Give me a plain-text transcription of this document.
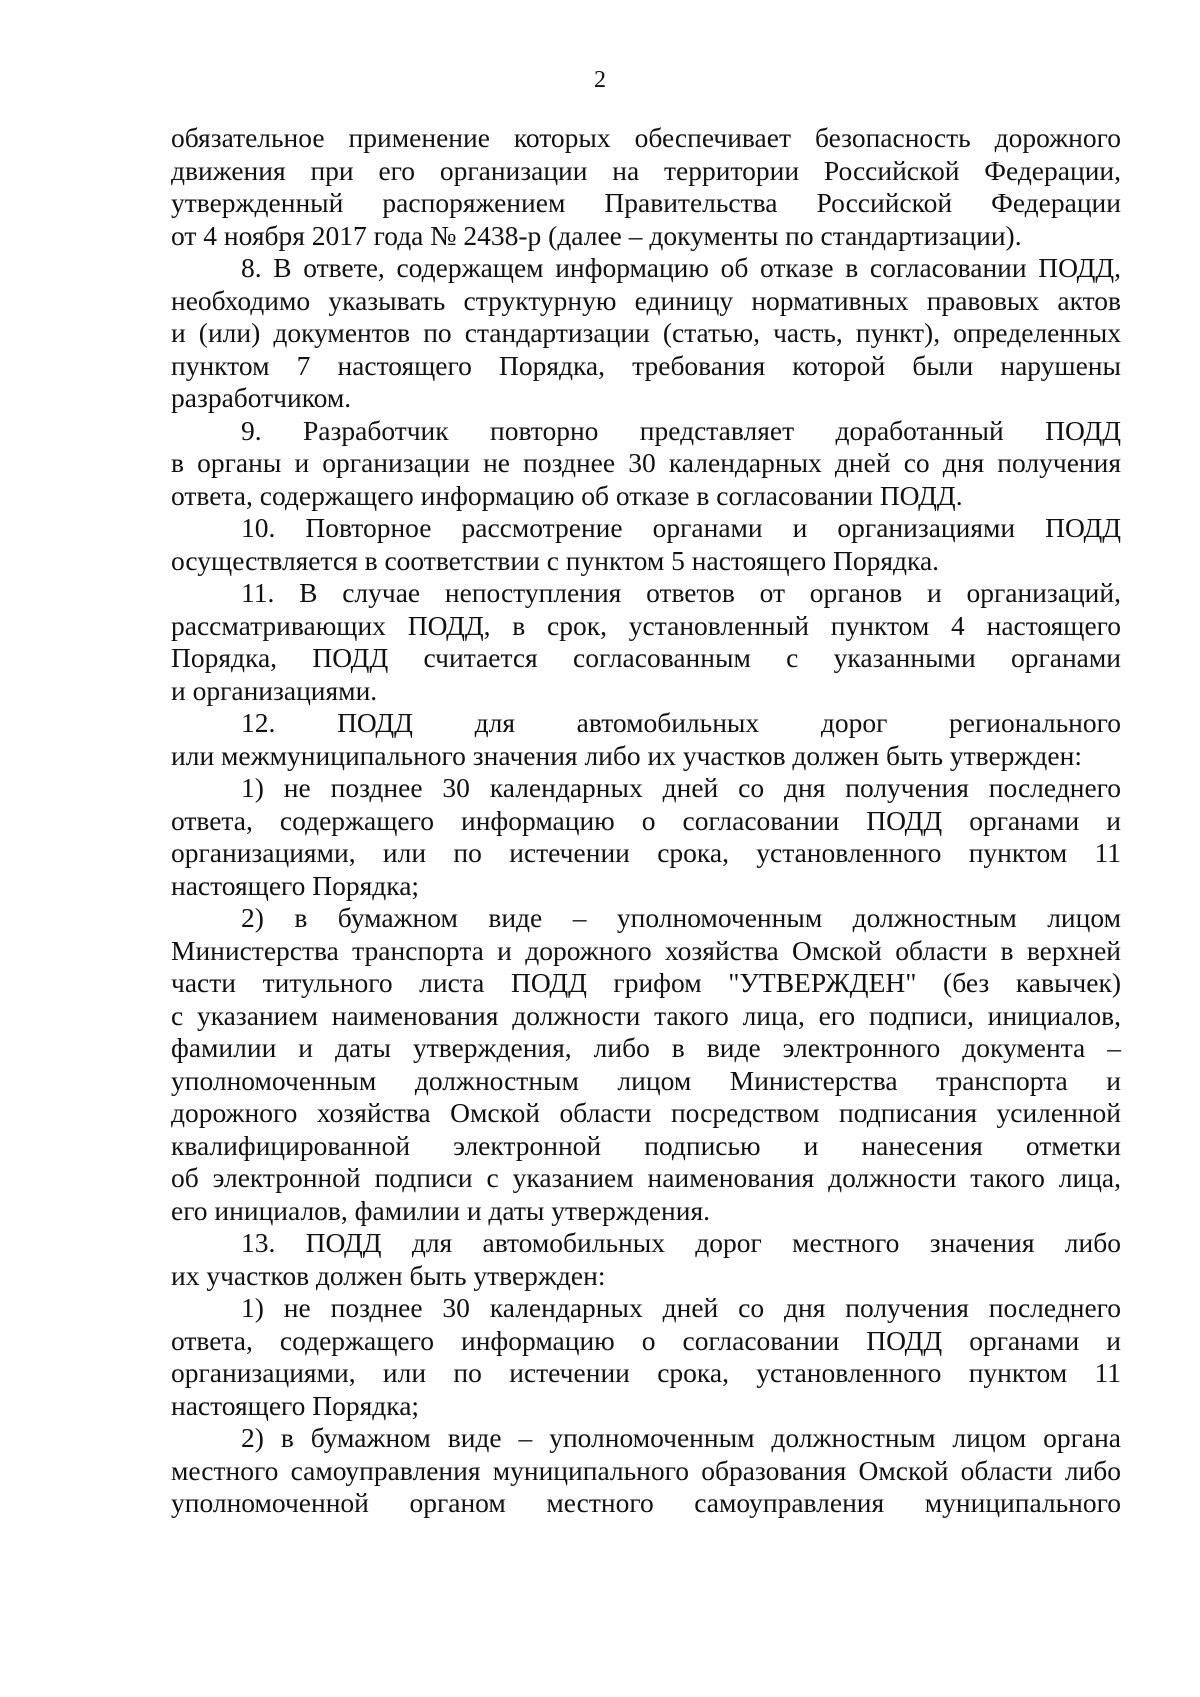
2

обязательное применение которых обеспечивает безопасность дорожного
движения при его организации на территории Российской Федерации,
утвержденный распоряжением Правительства Российской Федерации
от 4 ноября 2017 года № 2438-р (далее – документы по стандартизации).

8. В ответе, содержащем информацию об отказе в согласовании ПОДД,
необходимо указывать структурную единицу нормативных правовых актов
и (или) документов по стандартизации (статью, часть, пункт), определенных
пунктом 7 настоящего Порядка, требования которой были нарушены
разработчиком.

9. Разработчик повторно представляет доработанный ПОДД
в органы и организации не позднее 30 календарных дней со дня получения
ответа, содержащего информацию об отказе в согласовании ПОДД.

10. Повторное рассмотрение органами и организациями ПОДД
осуществляется в соответствии с пунктом 5 настоящего Порядка.

11. В случае непоступления ответов от органов и организаций,
рассматривающих ПОДД, в срок, установленный пунктом 4 настоящего
Порядка, ПОДД считается согласованным с указанными органами
и организациями.

12. ПОДД для автомобильных дорог регионального
или межмуниципального значения либо их участков должен быть утвержден:

1) не позднее 30 календарных дней со дня получения последнего
ответа, содержащего информацию о согласовании ПОДД органами и
организациями, или по истечении срока, установленного пунктом 11
настоящего Порядка;

2) в бумажном виде – уполномоченным должностным лицом
Министерства транспорта и дорожного хозяйства Омской области в верхней
части титульного листа ПОДД грифом "УТВЕРЖДЕН" (без кавычек)
с указанием наименования должности такого лица, его подписи, инициалов,
фамилии и даты утверждения, либо в виде электронного документа –
уполномоченным должностным лицом Министерства транспорта и
дорожного хозяйства Омской области посредством подписания усиленной
квалифицированной электронной подписью и нанесения отметки
об электронной подписи с указанием наименования должности такого лица,
его инициалов, фамилии и даты утверждения.

13. ПОДД для автомобильных дорог местного значения либо
их участков должен быть утвержден:

1) не позднее 30 календарных дней со дня получения последнего
ответа, содержащего информацию о согласовании ПОДД органами и
организациями, или по истечении срока, установленного пунктом 11
настоящего Порядка;

2) в бумажном виде – уполномоченным должностным лицом органа
местного самоуправления муниципального образования Омской области либо
уполномоченной органом местного самоуправления муниципального
